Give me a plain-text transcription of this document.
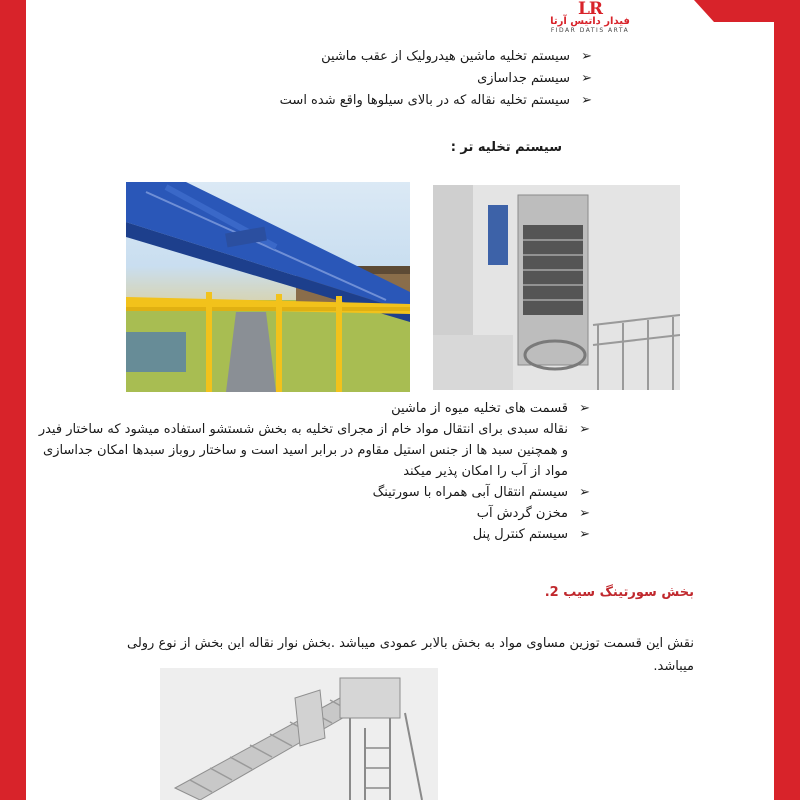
LR
فیدار داتیس آرتا
FIDAR DATIS ARTA
➢
سیستم تخلیه ماشین هیدرولیک از عقب ماشین
➢
سیستم جداسازی
➢
سیستم تخلیه نقاله که در بالای سیلوها واقع شده است
سیستم تخلیه تر :
➢
قسمت های تخلیه میوه از ماشین
➢
نقاله سبدی برای انتقال مواد خام از مجرای تخلیه به بخش شستشو استفاده میشود که ساختار فیدر و همچنین سبد ها از جنس استیل مقاوم در برابر اسید است و ساختار روباز سبدها امکان جداسازی مواد از آب را امکان پذیر میکند
➢
سیستم انتقال آبی همراه با سورتینگ
➢
مخزن گردش آب
➢
سیستم کنترل پنل
بخش سورتینگ سیب 2.
نقش این قسمت توزین مساوی مواد به بخش بالابر عمودی میباشد .بخش نوار نقاله این بخش از نوع رولی میباشد.
